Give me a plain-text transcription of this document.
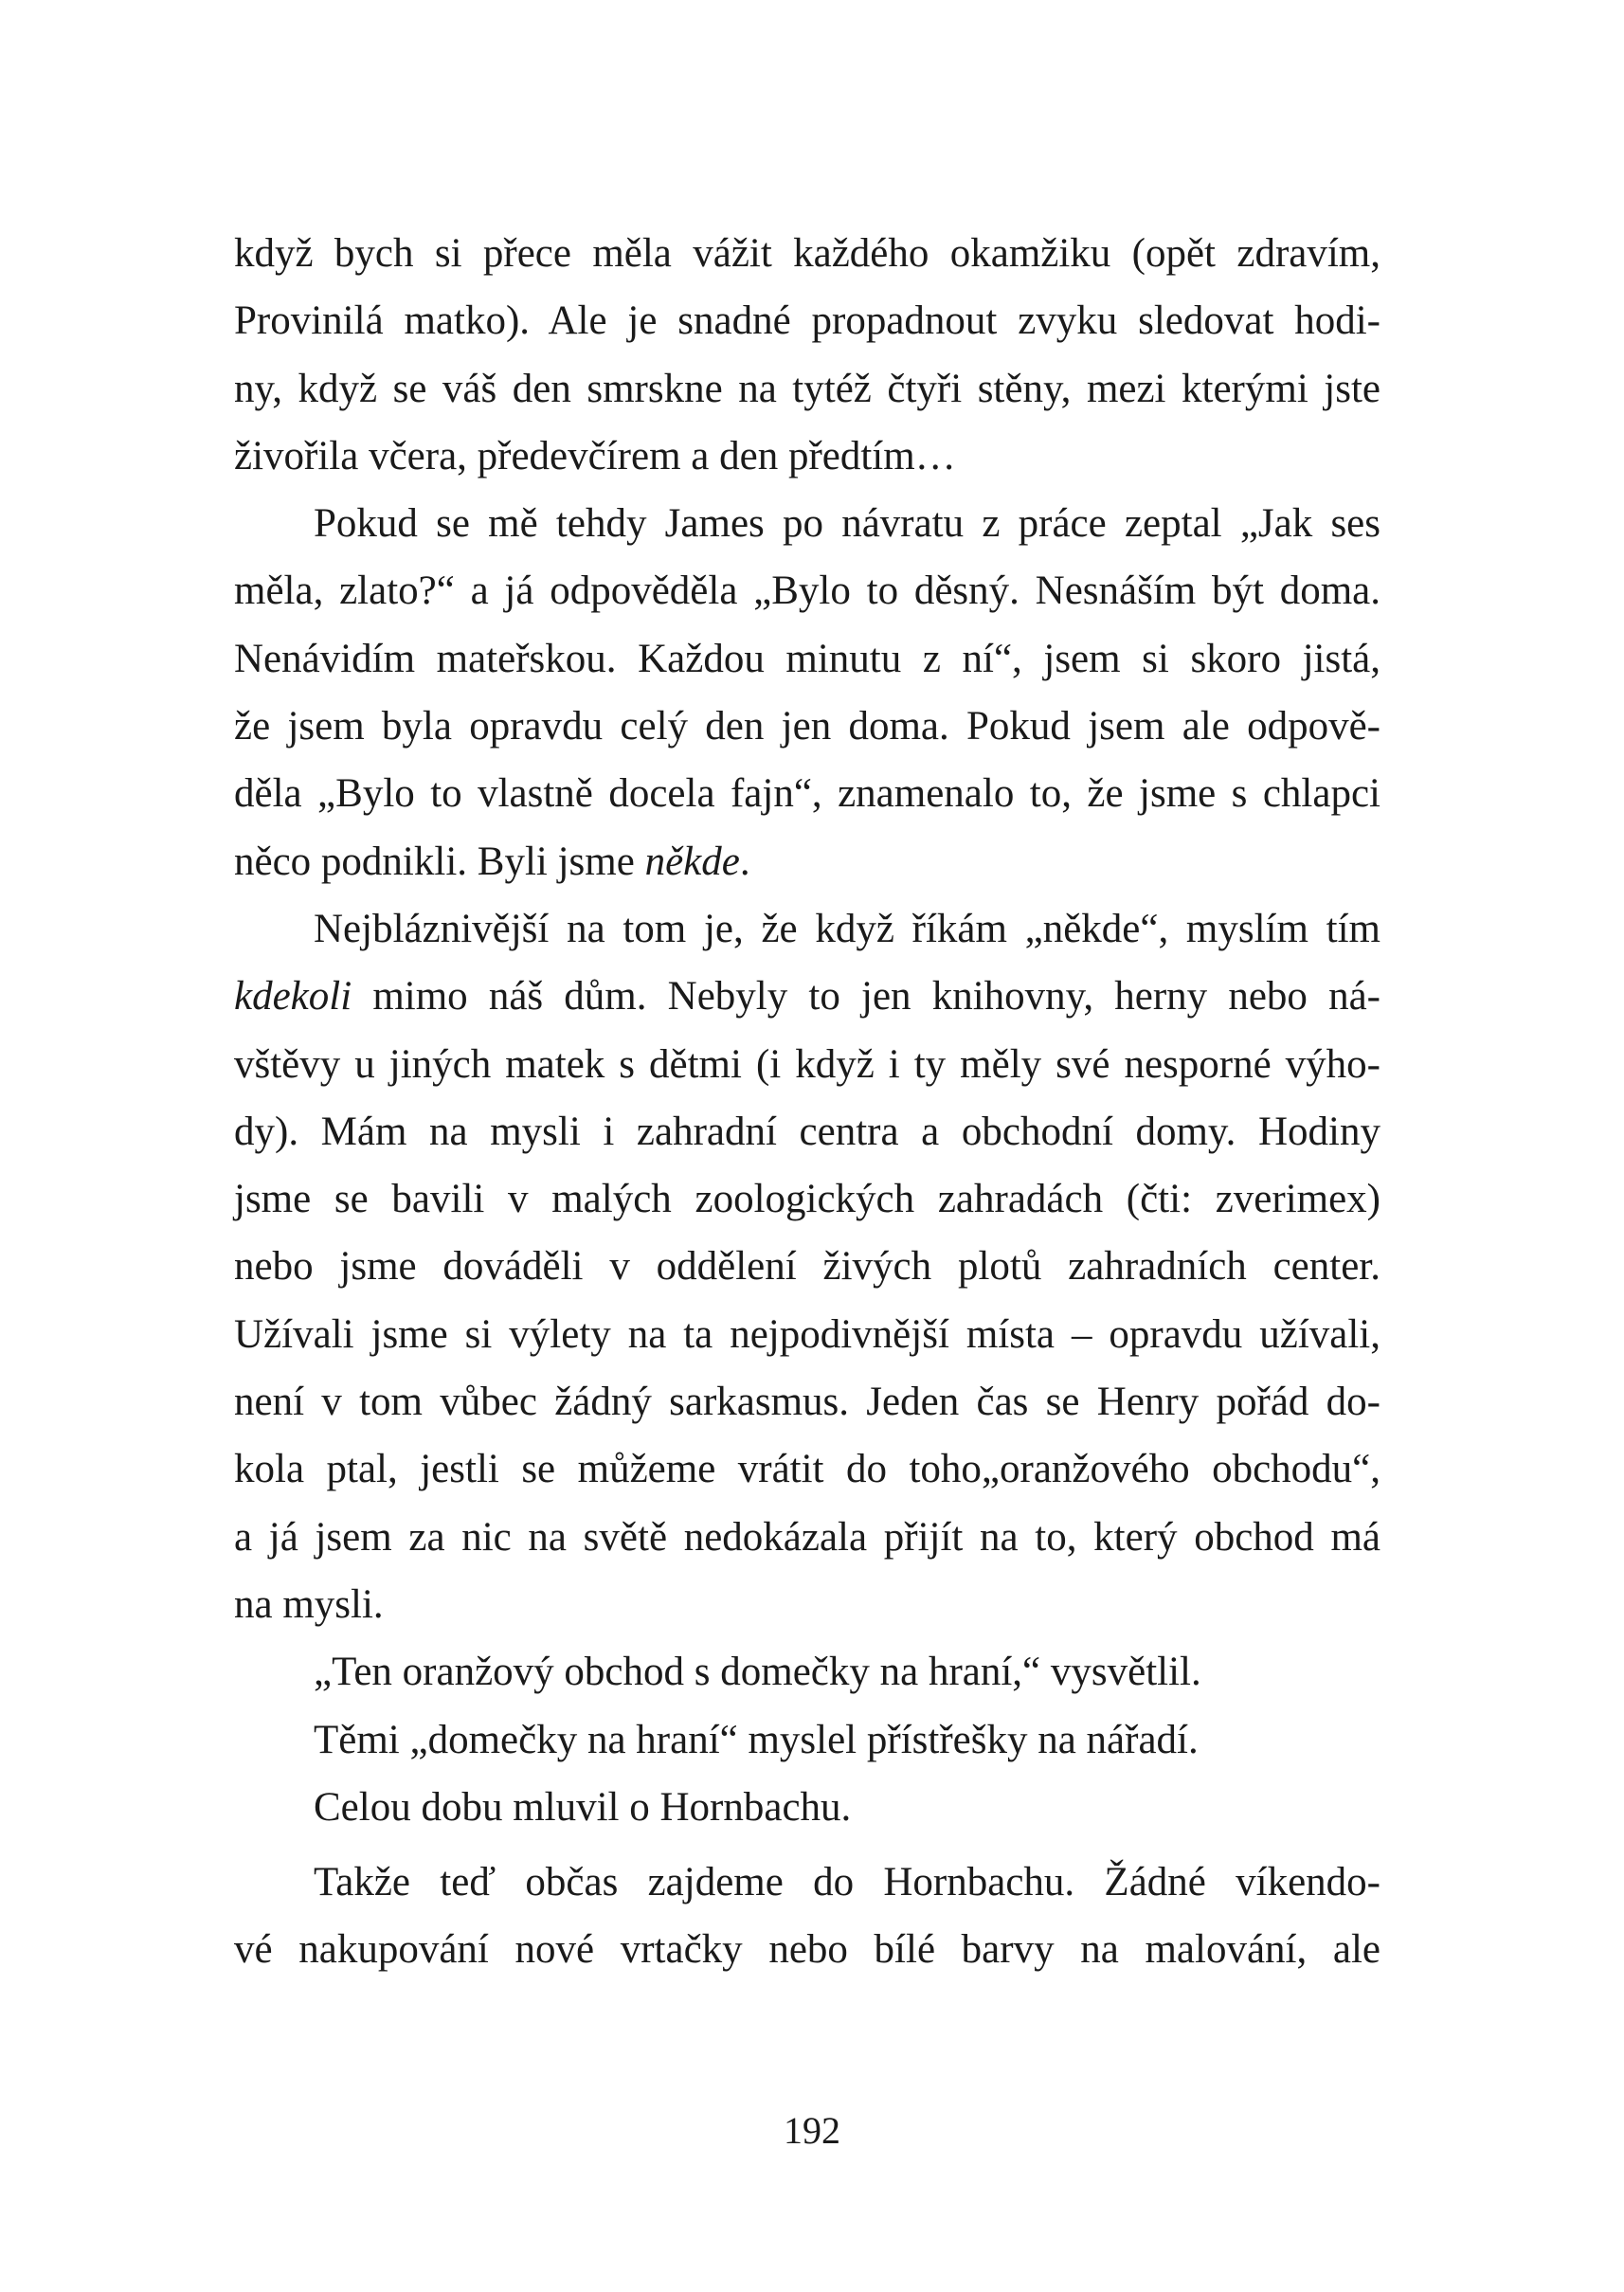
když bych si přece měla vážit každého okamžiku (opět zdravím,
Provinilá matko). Ale je snadné propadnout zvyku sledovat hodi-
ny, když se váš den smrskne na tytéž čtyři stěny, mezi kterými jste
živořila včera, předevčírem a den předtím…
Pokud se mě tehdy James po návratu z práce zeptal „Jak ses
měla, zlato?“ a já odpověděla „Bylo to děsný. Nesnáším být doma.
Nenávidím mateřskou. Každou minutu z ní“, jsem si skoro jistá,
že jsem byla opravdu celý den jen doma. Pokud jsem ale odpově-
děla „Bylo to vlastně docela fajn“, znamenalo to, že jsme s chlapci
něco podnikli. Byli jsme někde.
Nejbláznivější na tom je, že když říkám „někde“, myslím tím
kdekoli mimo náš dům. Nebyly to jen knihovny, herny nebo ná-
vštěvy u jiných matek s dětmi (i když i ty měly své nesporné výho-
dy). Mám na mysli i zahradní centra a obchodní domy. Hodiny
jsme se bavili v malých zoologických zahradách (čti: zverimex)
nebo jsme dováděli v oddělení živých plotů zahradních center.
Užívali jsme si výlety na ta nejpodivnější místa – opravdu užívali,
není v tom vůbec žádný sarkasmus. Jeden čas se Henry pořád do-
kola ptal, jestli se můžeme vrátit do toho„oranžového obchodu“,
a já jsem za nic na světě nedokázala přijít na to, který obchod má
na mysli.
„Ten oranžový obchod s domečky na hraní,“ vysvětlil.
Těmi „domečky na hraní“ myslel přístřešky na nářadí.
Celou dobu mluvil o Hornbachu.
Takže teď občas zajdeme do Hornbachu. Žádné víkendo-
vé nakupování nové vrtačky nebo bílé barvy na malování, ale
192
